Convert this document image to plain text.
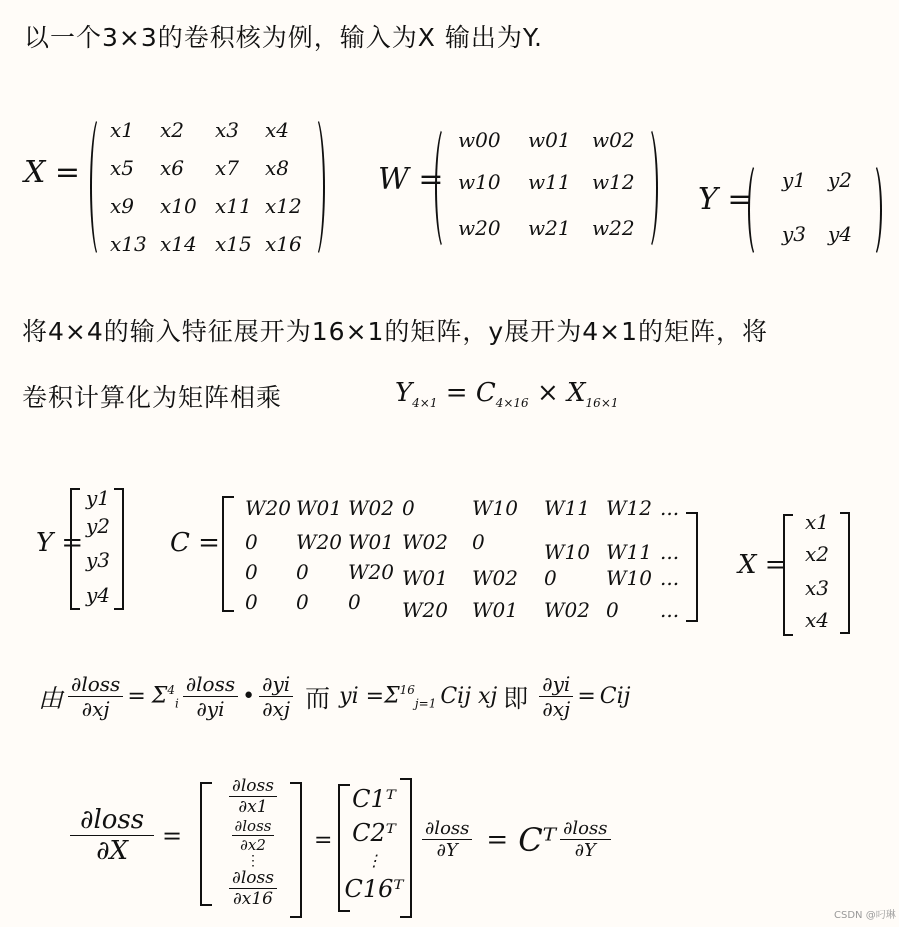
以一个3×3的卷积核为例，输入为X 输出为Y.
X =
x1 x2 x3 x4
x5 x6 x7 x8
x9 x10 x11 x12
x13 x14 x15 x16
W =
w00 w01 w02
w10 w11 w12
w20 w21 w22
Y =
y1 y2
y3 y4
将4×4的输入特征展开为16×1的矩阵，y展开为4×1的矩阵，将
卷积计算化为矩阵相乘	$Y_{4\times 1} = C_{4\times 16} \times X_{16\times 1}$
Y =
y1
y2
y3
y4
C =
W20 W01 W02 0	W10 W11 W12 ...
0 W20 W01 W02 0	W10 W11 ...
0 0 W20 W01 W02 0 W10 ...
0 0 0 W20 W01 W02 0 ...
X =
x1
x2
x3
x4
由 $\frac{\text{∂loss}}{\partial xj} = \Sigma^4_i \frac{\text{∂loss}}{\partial yi}$ • $\frac{\partial yi}{\partial xj}$ 而 yi = $\Sigma^{16}_{j=1}$ Cij xj 即 $\frac{\partial yi}{\partial xj}$ = Cij
$\frac{\text{∂loss}}{\partial X}$ =
$\frac{\text{∂loss}}{\partial x1}$
$\frac{\text{∂loss}}{\partial x2}$
⋮
$\frac{\text{∂loss}}{\partial x16}$
=
C1ᵀ
C2ᵀ
⋮
C16ᵀ
$\frac{\text{∂loss}}{\partial Y}$ = Cᵀ $\frac{\text{∂loss}}{\partial Y}$
CSDN @叼琳
